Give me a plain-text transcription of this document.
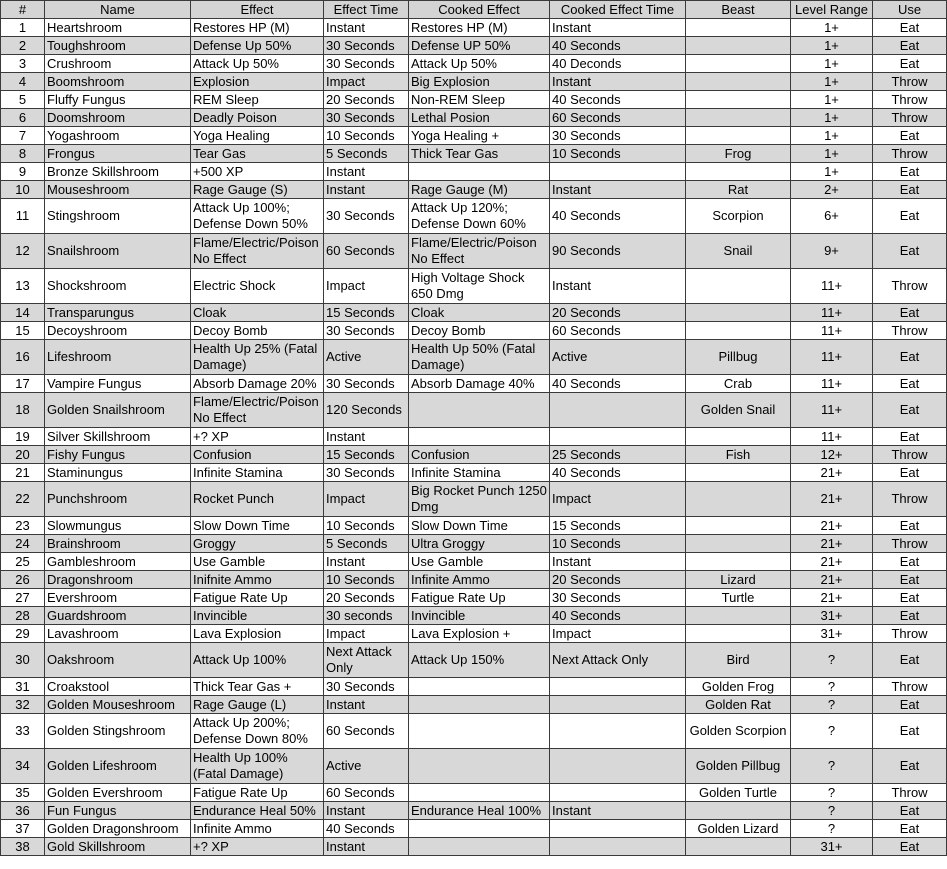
#	Name	Effect	Effect Time	Cooked Effect	Cooked Effect Time	Beast	Level Range	Use
1	Heartshroom	Restores HP (M)	Instant	Restores HP (M)	Instant		1+	Eat
2	Toughshroom	Defense Up 50%	30 Seconds	Defense UP 50%	40 Seconds		1+	Eat
3	Crushroom	Attack Up 50%	30 Seconds	Attack Up 50%	40 Deconds		1+	Eat
4	Boomshroom	Explosion	Impact	Big Explosion	Instant		1+	Throw
5	Fluffy Fungus	REM Sleep	20 Seconds	Non-REM Sleep	40 Seconds		1+	Throw
6	Doomshroom	Deadly Poison	30 Seconds	Lethal Posion	60 Seconds		1+	Throw
7	Yogashroom	Yoga Healing	10 Seconds	Yoga Healing +	30 Seconds		1+	Eat
8	Frongus	Tear Gas	5 Seconds	Thick Tear Gas	10 Seconds	Frog	1+	Throw
9	Bronze Skillshroom	+500 XP	Instant				1+	Eat
10	Mouseshroom	Rage Gauge (S)	Instant	Rage Gauge (M)	Instant	Rat	2+	Eat
11	Stingshroom	Attack Up 100%; Defense Down 50%	30 Seconds	Attack Up 120%; Defense Down 60%	40 Seconds	Scorpion	6+	Eat
12	Snailshroom	Flame/Electric/Poison No Effect	60 Seconds	Flame/Electric/Poison No Effect	90 Seconds	Snail	9+	Eat
13	Shockshroom	Electric Shock	Impact	High Voltage Shock 650 Dmg	Instant		11+	Throw
14	Transparungus	Cloak	15 Seconds	Cloak	20 Seconds		11+	Eat
15	Decoyshroom	Decoy Bomb	30 Seconds	Decoy Bomb	60 Seconds		11+	Throw
16	Lifeshroom	Health Up 25% (Fatal Damage)	Active	Health Up 50% (Fatal Damage)	Active	Pillbug	11+	Eat
17	Vampire Fungus	Absorb Damage 20%	30 Seconds	Absorb Damage 40%	40 Seconds	Crab	11+	Eat
18	Golden Snailshroom	Flame/Electric/Poison No Effect	120 Seconds			Golden Snail	11+	Eat
19	Silver Skillshroom	+? XP	Instant				11+	Eat
20	Fishy Fungus	Confusion	15 Seconds	Confusion	25 Seconds	Fish	12+	Throw
21	Staminungus	Infinite Stamina	30 Seconds	Infinite Stamina	40 Seconds		21+	Eat
22	Punchshroom	Rocket Punch	Impact	Big Rocket Punch 1250 Dmg	Impact		21+	Throw
23	Slowmungus	Slow Down Time	10 Seconds	Slow Down Time	15 Seconds		21+	Eat
24	Brainshroom	Groggy	5 Seconds	Ultra Groggy	10 Seconds		21+	Throw
25	Gambleshroom	Use Gamble	Instant	Use Gamble	Instant		21+	Eat
26	Dragonshroom	Inifnite Ammo	10 Seconds	Infinite Ammo	20 Seconds	Lizard	21+	Eat
27	Evershroom	Fatigue Rate Up	20 Seconds	Fatigue Rate Up	30 Seconds	Turtle	21+	Eat
28	Guardshroom	Invincible	30 seconds	Invincible	40 Seconds		31+	Eat
29	Lavashroom	Lava Explosion	Impact	Lava Explosion +	Impact		31+	Throw
30	Oakshroom	Attack Up 100%	Next Attack Only	Attack Up 150%	Next Attack Only	Bird	?	Eat
31	Croakstool	Thick Tear Gas +	30 Seconds			Golden Frog	?	Throw
32	Golden Mouseshroom	Rage Gauge (L)	Instant			Golden Rat	?	Eat
33	Golden Stingshroom	Attack Up 200%; Defense Down 80%	60 Seconds			Golden Scorpion	?	Eat
34	Golden Lifeshroom	Health Up 100% (Fatal Damage)	Active			Golden Pillbug	?	Eat
35	Golden Evershroom	Fatigue Rate Up	60 Seconds			Golden Turtle	?	Throw
36	Fun Fungus	Endurance Heal 50%	Instant	Endurance Heal 100%	Instant		?	Eat
37	Golden Dragonshroom	Infinite Ammo	40 Seconds			Golden Lizard	?	Eat
38	Gold Skillshroom	+? XP	Instant				31+	Eat
